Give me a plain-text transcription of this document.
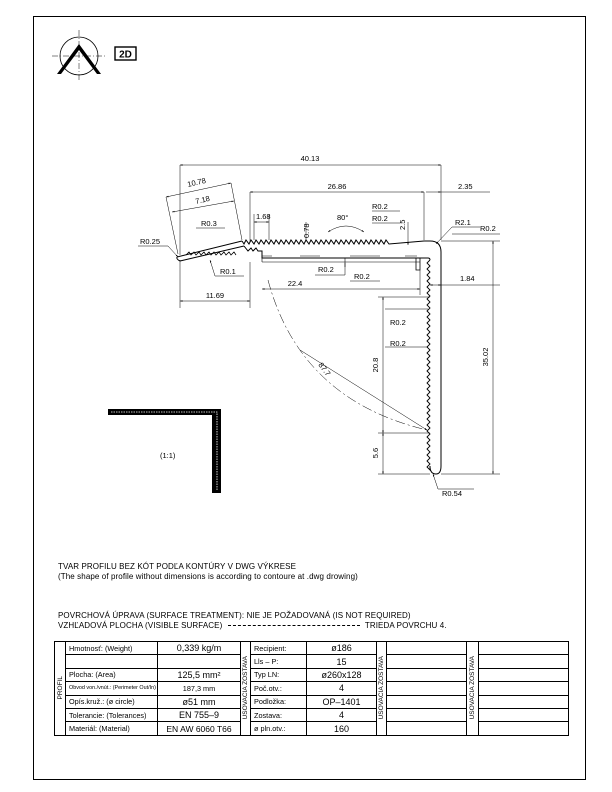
2D
40.13
26.86	2.35
10.78
7.18
1.68
0.78
80°
2.5
11.69
22.4
1.84
35.02
20.8
5.6
87.7
R0.25
R0.3
R0.1
R0.2
R0.2
R0.2
R0.2
R0.2
R0.2
R0.2
R2.1
R0.54
(1:1)
TVAR PROFILU BEZ KÓT PODĽA KONTÚRY V DWG VÝKRESE
(The shape of profile without dimensions is according to contoure at .dwg drowing)
POVRCHOVÁ ÚPRAVA (SURFACE TREATMENT): NIE JE POŽADOVANÁ (IS NOT REQUIRED)
VZHĽADOVÁ PLOCHA (VISIBLE SURFACE)	TRIEDA POVRCHU 4.
PROFIL	Hmotnosť: (Weight)	0,339 kg/m	USOVACIA ZOSTAVA	Recipient:	ø186	USOVACIA ZOSTAVA		USOVACIA ZOSTAVA	
				Lls – P:	15				
	Plocha: (Area)	125,5 mm²		Typ LN:	ø260x128				
	Obvod von./vnút.: (Perimeter Out/In)	187,3 mm		Poč.otv.:	4				
	Opís.kruž.: (ø circle)	ø51 mm		Podložka:	OP–1401				
	Tolerancie: (Tolerances)	EN 755–9		Zostava:	4				
	Materiál: (Material)	EN AW 6060 T66		ø pln.otv.:	160				
